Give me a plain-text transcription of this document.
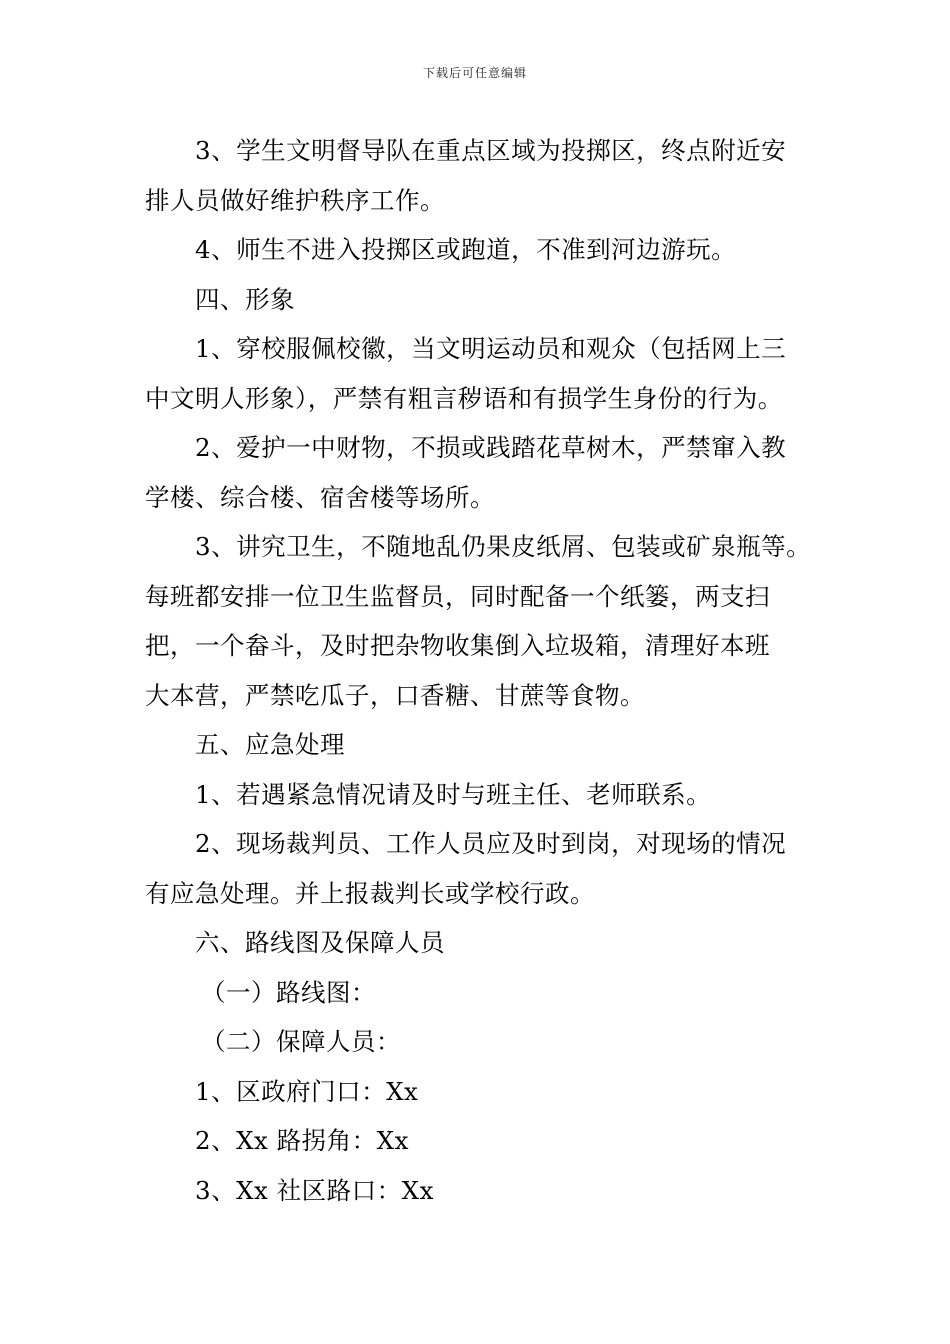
下载后可任意编辑
3、学生文明督导队在重点区域为投掷区，终点附近安
排人员做好维护秩序工作。
4、师生不进入投掷区或跑道，不准到河边游玩。
四、形象
1、穿校服佩校徽，当文明运动员和观众（包括网上三
中文明人形象），严禁有粗言秽语和有损学生身份的行为。
2、爱护一中财物，不损或践踏花草树木，严禁窜入教
学楼、综合楼、宿舍楼等场所。
3、讲究卫生，不随地乱仍果皮纸屑、包装或矿泉瓶等。
每班都安排一位卫生监督员，同时配备一个纸篓，两支扫
把，一个畚斗，及时把杂物收集倒入垃圾箱，清理好本班
大本营，严禁吃瓜子，口香糖、甘蔗等食物。
五、应急处理
1、若遇紧急情况请及时与班主任、老师联系。
2、现场裁判员、工作人员应及时到岗，对现场的情况
有应急处理。并上报裁判长或学校行政。
六、路线图及保障人员
（一）路线图：
（二）保障人员：
1、区政府门口：Xx
2、Xx 路拐角：Xx
3、Xx 社区路口：Xx
